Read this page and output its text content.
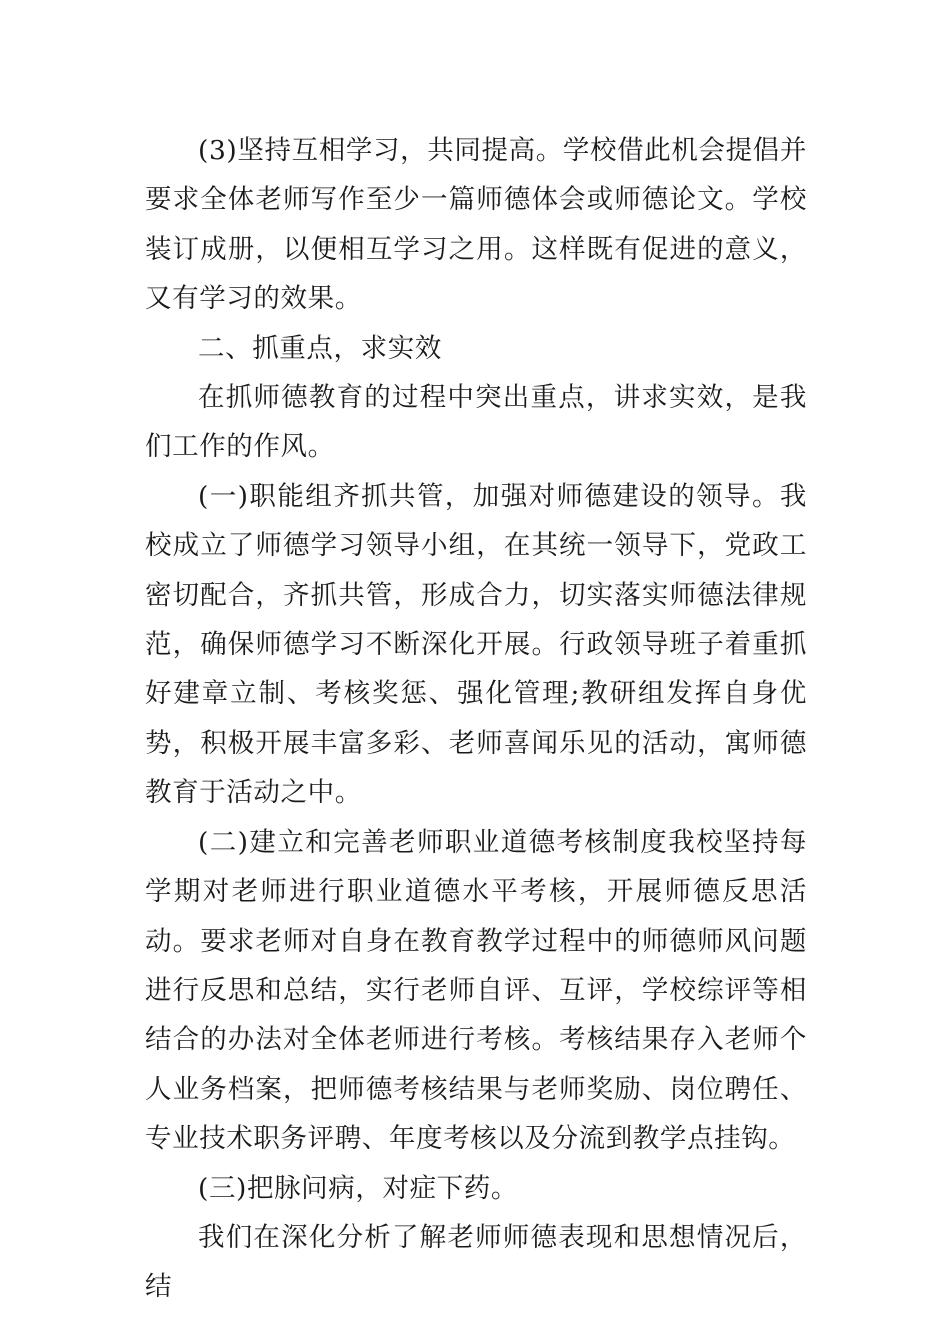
(3)坚持互相学习，共同提高。学校借此机会提倡并要求全体老师写作至少一篇师德体会或师德论文。学校装订成册，以便相互学习之用。这样既有促进的意义，又有学习的效果。

二、抓重点，求实效

在抓师德教育的过程中突出重点，讲求实效，是我们工作的作风。

(一)职能组齐抓共管，加强对师德建设的领导。我校成立了师德学习领导小组，在其统一领导下，党政工密切配合，齐抓共管，形成合力，切实落实师德法律规范，确保师德学习不断深化开展。行政领导班子着重抓好建章立制、考核奖惩、强化管理;教研组发挥自身优势，积极开展丰富多彩、老师喜闻乐见的活动，寓师德教育于活动之中。

(二)建立和完善老师职业道德考核制度我校坚持每学期对老师进行职业道德水平考核，开展师德反思活动。要求老师对自身在教育教学过程中的师德师风问题进行反思和总结，实行老师自评、互评，学校综评等相结合的办法对全体老师进行考核。考核结果存入老师个人业务档案，把师德考核结果与老师奖励、岗位聘任、专业技术职务评聘、年度考核以及分流到教学点挂钩。

(三)把脉问病，对症下药。

我们在深化分析了解老师师德表现和思想情况后，结
